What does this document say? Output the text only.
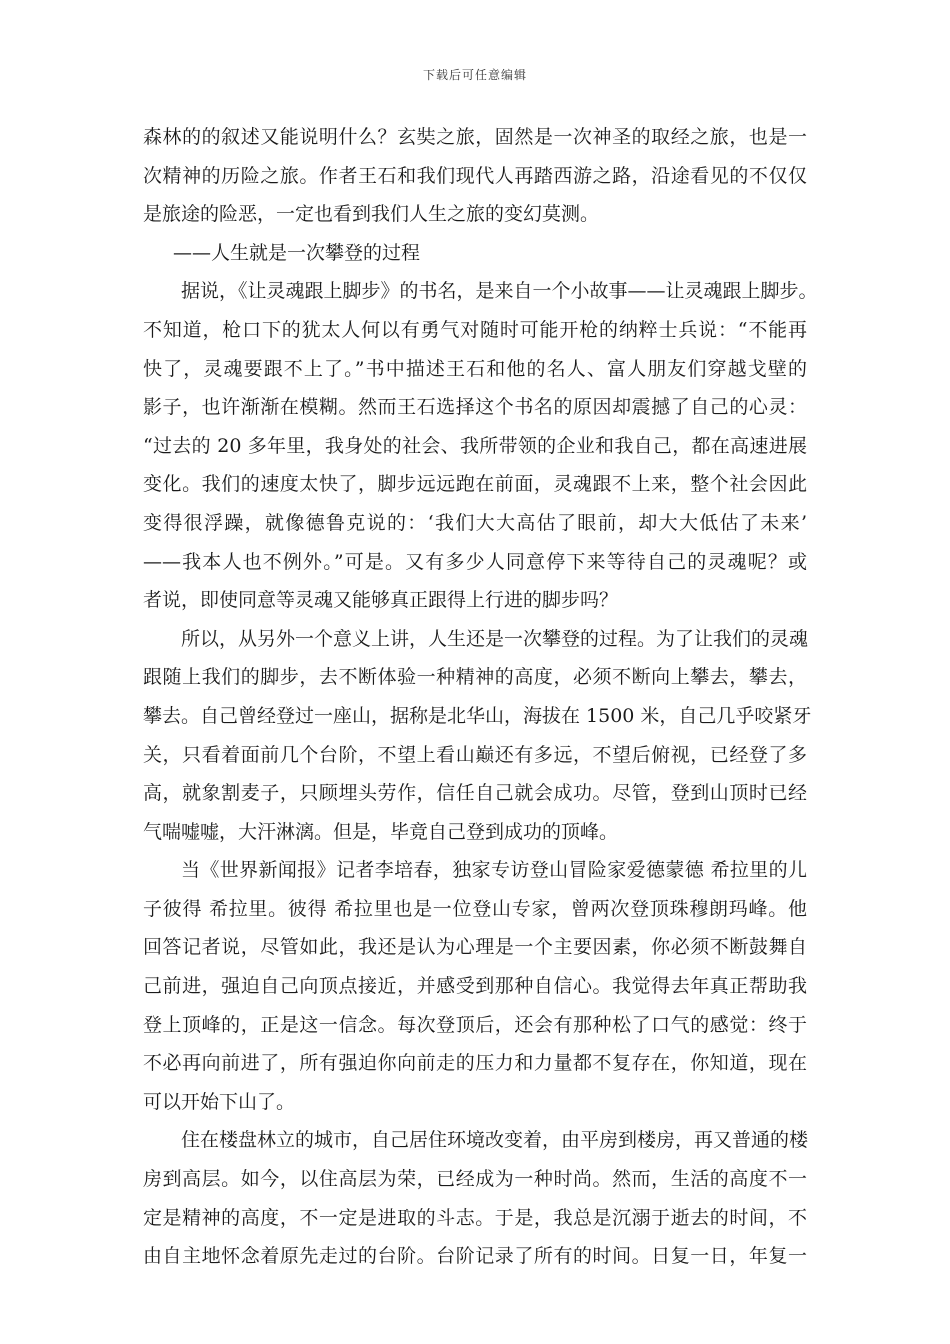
下载后可任意编辑
森林的的叙述又能说明什么？玄奘之旅，固然是一次神圣的取经之旅，也是一
次精神的历险之旅。作者王石和我们现代人再踏西游之路，沿途看见的不仅仅
是旅途的险恶，一定也看到我们人生之旅的变幻莫测。
——人生就是一次攀登的过程
据说，《让灵魂跟上脚步》的书名，是来自一个小故事——让灵魂跟上脚步。
不知道，枪口下的犹太人何以有勇气对随时可能开枪的纳粹士兵说：“不能再
快了，灵魂要跟不上了。”书中描述王石和他的名人、富人朋友们穿越戈壁的
影子，也许渐渐在模糊。然而王石选择这个书名的原因却震撼了自己的心灵：
“过去的 20 多年里，我身处的社会、我所带领的企业和我自己，都在高速进展
变化。我们的速度太快了，脚步远远跑在前面，灵魂跟不上来，整个社会因此
变得很浮躁，就像德鲁克说的：‘我们大大高估了眼前，却大大低估了未来’
——我本人也不例外。”可是。又有多少人同意停下来等待自己的灵魂呢？或
者说，即使同意等灵魂又能够真正跟得上行进的脚步吗？
所以，从另外一个意义上讲，人生还是一次攀登的过程。为了让我们的灵魂
跟随上我们的脚步，去不断体验一种精神的高度，必须不断向上攀去，攀去，
攀去。自己曾经登过一座山，据称是北华山，海拔在 1500 米，自己几乎咬紧牙
关，只看着面前几个台阶，不望上看山巅还有多远，不望后俯视，已经登了多
高，就象割麦子，只顾埋头劳作，信任自己就会成功。尽管，登到山顶时已经
气喘嘘嘘，大汗淋漓。但是，毕竟自己登到成功的顶峰。
当《世界新闻报》记者李培春，独家专访登山冒险家爱德蒙德 希拉里的儿
子彼得 希拉里。彼得 希拉里也是一位登山专家，曾两次登顶珠穆朗玛峰。他
回答记者说，尽管如此，我还是认为心理是一个主要因素，你必须不断鼓舞自
己前进，强迫自己向顶点接近，并感受到那种自信心。我觉得去年真正帮助我
登上顶峰的，正是这一信念。每次登顶后，还会有那种松了口气的感觉：终于
不必再向前进了，所有强迫你向前走的压力和力量都不复存在，你知道，现在
可以开始下山了。
住在楼盘林立的城市，自己居住环境改变着，由平房到楼房，再又普通的楼
房到高层。如今，以住高层为荣，已经成为一种时尚。然而，生活的高度不一
定是精神的高度，不一定是进取的斗志。于是，我总是沉溺于逝去的时间，不
由自主地怀念着原先走过的台阶。台阶记录了所有的时间。日复一日，年复一
